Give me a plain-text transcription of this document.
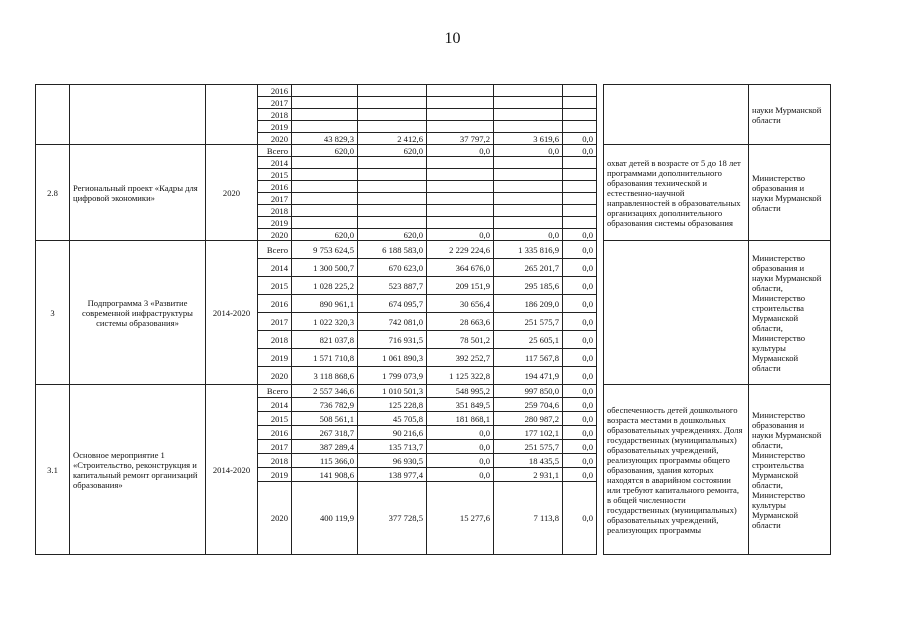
10
			2016								науки Мурманской области
			2017								
			2018								
			2019								
			2020	43 829,3	2 412,6	37 797,2	3 619,6	0,0			
2.8	Региональный проект «Кадры для цифровой экономики»	2020	Всего	620,0	620,0	0,0	0,0	0,0		охват детей в возрасте от 5 до 18 лет программами дополнительного образования технической и естественно-научной направленностей в образовательных организациях дополнительного образования системы образования	Министерство образования и науки Мурманской области
			2014								
			2015								
			2016								
			2017								
			2018								
			2019								
			2020	620,0	620,0	0,0	0,0	0,0			
3	Подпрограмма 3 «Развитие современной инфраструктуры системы образования»	2014-2020	Всего	9 753 624,5	6 188 583,0	2 229 224,6	1 335 816,9	0,0			Министерство образования и науки Мурманской области, Министерство строительства Мурманской области, Министерство культуры Мурманской области
			2014	1 300 500,7	670 623,0	364 676,0	265 201,7	0,0			
			2015	1 028 225,2	523 887,7	209 151,9	295 185,6	0,0			
			2016	890 961,1	674 095,7	30 656,4	186 209,0	0,0			
			2017	1 022 320,3	742 081,0	28 663,6	251 575,7	0,0			
			2018	821 037,8	716 931,5	78 501,2	25 605,1	0,0			
			2019	1 571 710,8	1 061 890,3	392 252,7	117 567,8	0,0			
			2020	3 118 868,6	1 799 073,9	1 125 322,8	194 471,9	0,0			
3.1	Основное мероприятие 1 «Строительство, реконструкция и капитальный ремонт организаций образования»	2014-2020	Всего	2 557 346,6	1 010 501,3	548 995,2	997 850,0	0,0		обеспеченность детей дошкольного возраста местами в дошкольных образовательных учреждениях. Доля государственных (муниципальных) образовательных учреждений, реализующих программы общего образования, здания которых находятся в аварийном состоянии или требуют капитального ремонта, в общей численности государственных (муниципальных) образовательных учреждений, реализующих программы	Министерство образования и науки Мурманской области, Министерство строительства Мурманской области, Министерство культуры Мурманской области
			2014	736 782,9	125 228,8	351 849,5	259 704,6	0,0			
			2015	508 561,1	45 705,8	181 868,1	280 987,2	0,0			
			2016	267 318,7	90 216,6	0,0	177 102,1	0,0			
			2017	387 289,4	135 713,7	0,0	251 575,7	0,0			
			2018	115 366,0	96 930,5	0,0	18 435,5	0,0			
			2019	141 908,6	138 977,4	0,0	2 931,1	0,0			
			2020	400 119,9	377 728,5	15 277,6	7 113,8	0,0			
